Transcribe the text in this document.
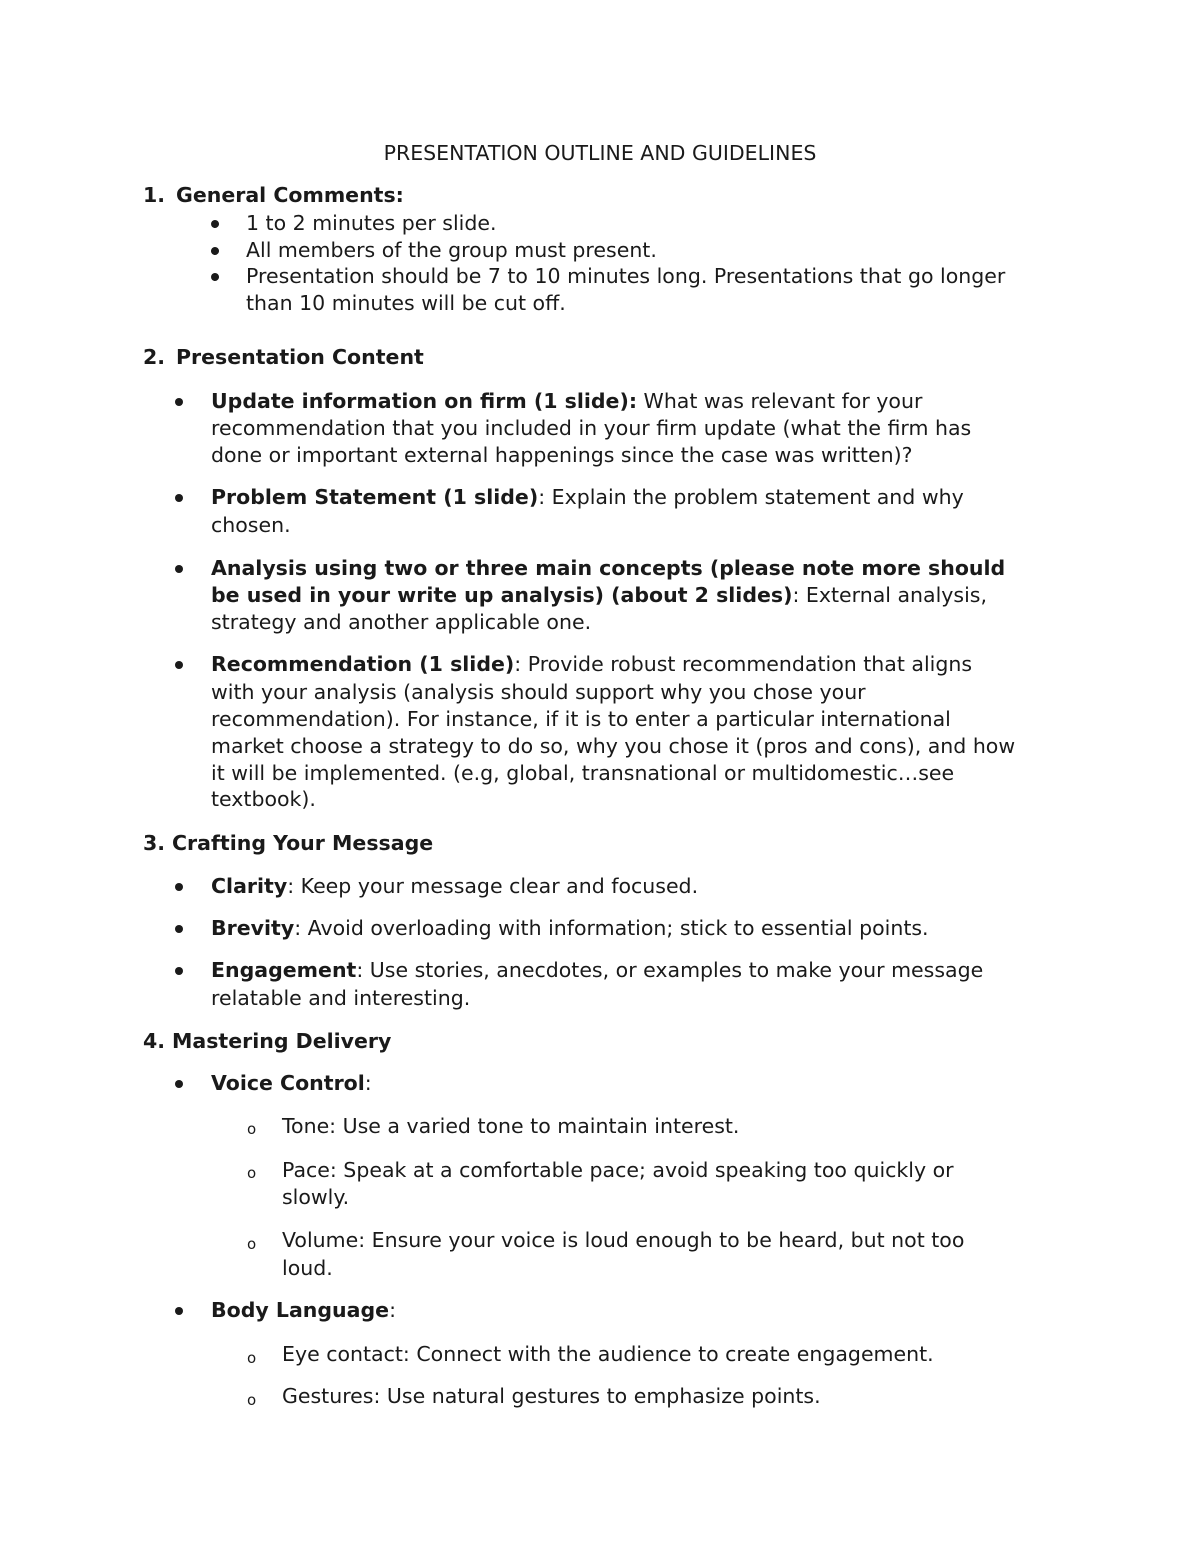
PRESENTATION OUTLINE AND GUIDELINES
1. General Comments:
1 to 2 minutes per slide.
All members of the group must present.
Presentation should be 7 to 10 minutes long. Presentations that go longer
than 10 minutes will be cut off.
2. Presentation Content
Update information on firm (1 slide): What was relevant for your
recommendation that you included in your firm update (what the firm has
done or important external happenings since the case was written)?
Problem Statement (1 slide): Explain the problem statement and why
chosen.
Analysis using two or three main concepts (please note more should
be used in your write up analysis) (about 2 slides): External analysis,
strategy and another applicable one.
Recommendation (1 slide): Provide robust recommendation that aligns
with your analysis (analysis should support why you chose your
recommendation). For instance, if it is to enter a particular international
market choose a strategy to do so, why you chose it (pros and cons), and how
it will be implemented. (e.g, global, transnational or multidomestic…see
textbook).
3. Crafting Your Message
Clarity: Keep your message clear and focused.
Brevity: Avoid overloading with information; stick to essential points.
Engagement: Use stories, anecdotes, or examples to make your message
relatable and interesting.
4. Mastering Delivery
Voice Control:
o Tone: Use a varied tone to maintain interest.
o Pace: Speak at a comfortable pace; avoid speaking too quickly or
slowly.
o Volume: Ensure your voice is loud enough to be heard, but not too
loud.
Body Language:
o Eye contact: Connect with the audience to create engagement.
o Gestures: Use natural gestures to emphasize points.
